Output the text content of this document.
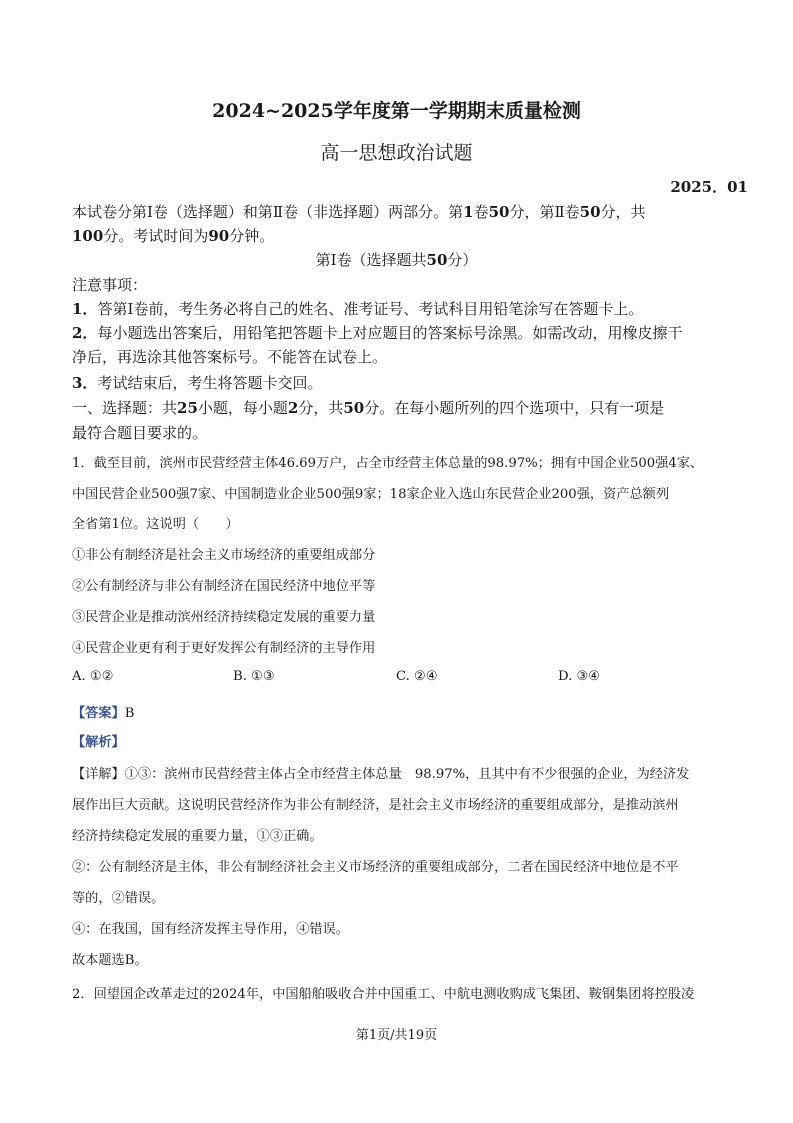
2024~2025学年度第一学期期末质量检测
高一思想政治试题
2025．01
本试卷分第Ⅰ卷（选择题）和第Ⅱ卷（非选择题）两部分。第1卷50分，第Ⅱ卷50分，共
100分。考试时间为90分钟。
第Ⅰ卷（选择题共50分）
注意事项：
1．答第Ⅰ卷前，考生务必将自己的姓名、准考证号、考试科目用铅笔涂写在答题卡上。
2．每小题选出答案后，用铅笔把答题卡上对应题目的答案标号涂黑。如需改动，用橡皮擦干
净后，再选涂其他答案标号。不能答在试卷上。
3．考试结束后，考生将答题卡交回。
一、选择题：共25小题，每小题2分，共50分。在每小题所列的四个选项中，只有一项是
最符合题目要求的。
1．截至目前，滨州市民营经营主体46.69万户，占全市经营主体总量的98.97%；拥有中国企业500强4家、
中国民营企业500强7家、中国制造业企业500强9家；18家企业入选山东民营企业200强，资产总额列
全省第1位。这说明（　　）
①非公有制经济是社会主义市场经济的重要组成部分
②公有制经济与非公有制经济在国民经济中地位平等
③民营企业是推动滨州经济持续稳定发展的重要力量
④民营企业更有利于更好发挥公有制经济的主导作用
A. ①②	B. ①③	C. ②④	D. ③④
【答案】B
【解析】
【详解】①③：滨州市民营经营主体占全市经营主体总量　98.97%，且其中有不少很强的企业，为经济发
展作出巨大贡献。这说明民营经济作为非公有制经济，是社会主义市场经济的重要组成部分，是推动滨州
经济持续稳定发展的重要力量，①③正确。
②：公有制经济是主体，非公有制经济社会主义市场经济的重要组成部分，二者在国民经济中地位是不平
等的，②错误。
④：在我国，国有经济发挥主导作用，④错误。
故本题选B。
2．回望国企改革走过的2024年，中国船舶吸收合并中国重工、中航电测收购成飞集团、鞍钢集团将控股凌
第1页/共19页
